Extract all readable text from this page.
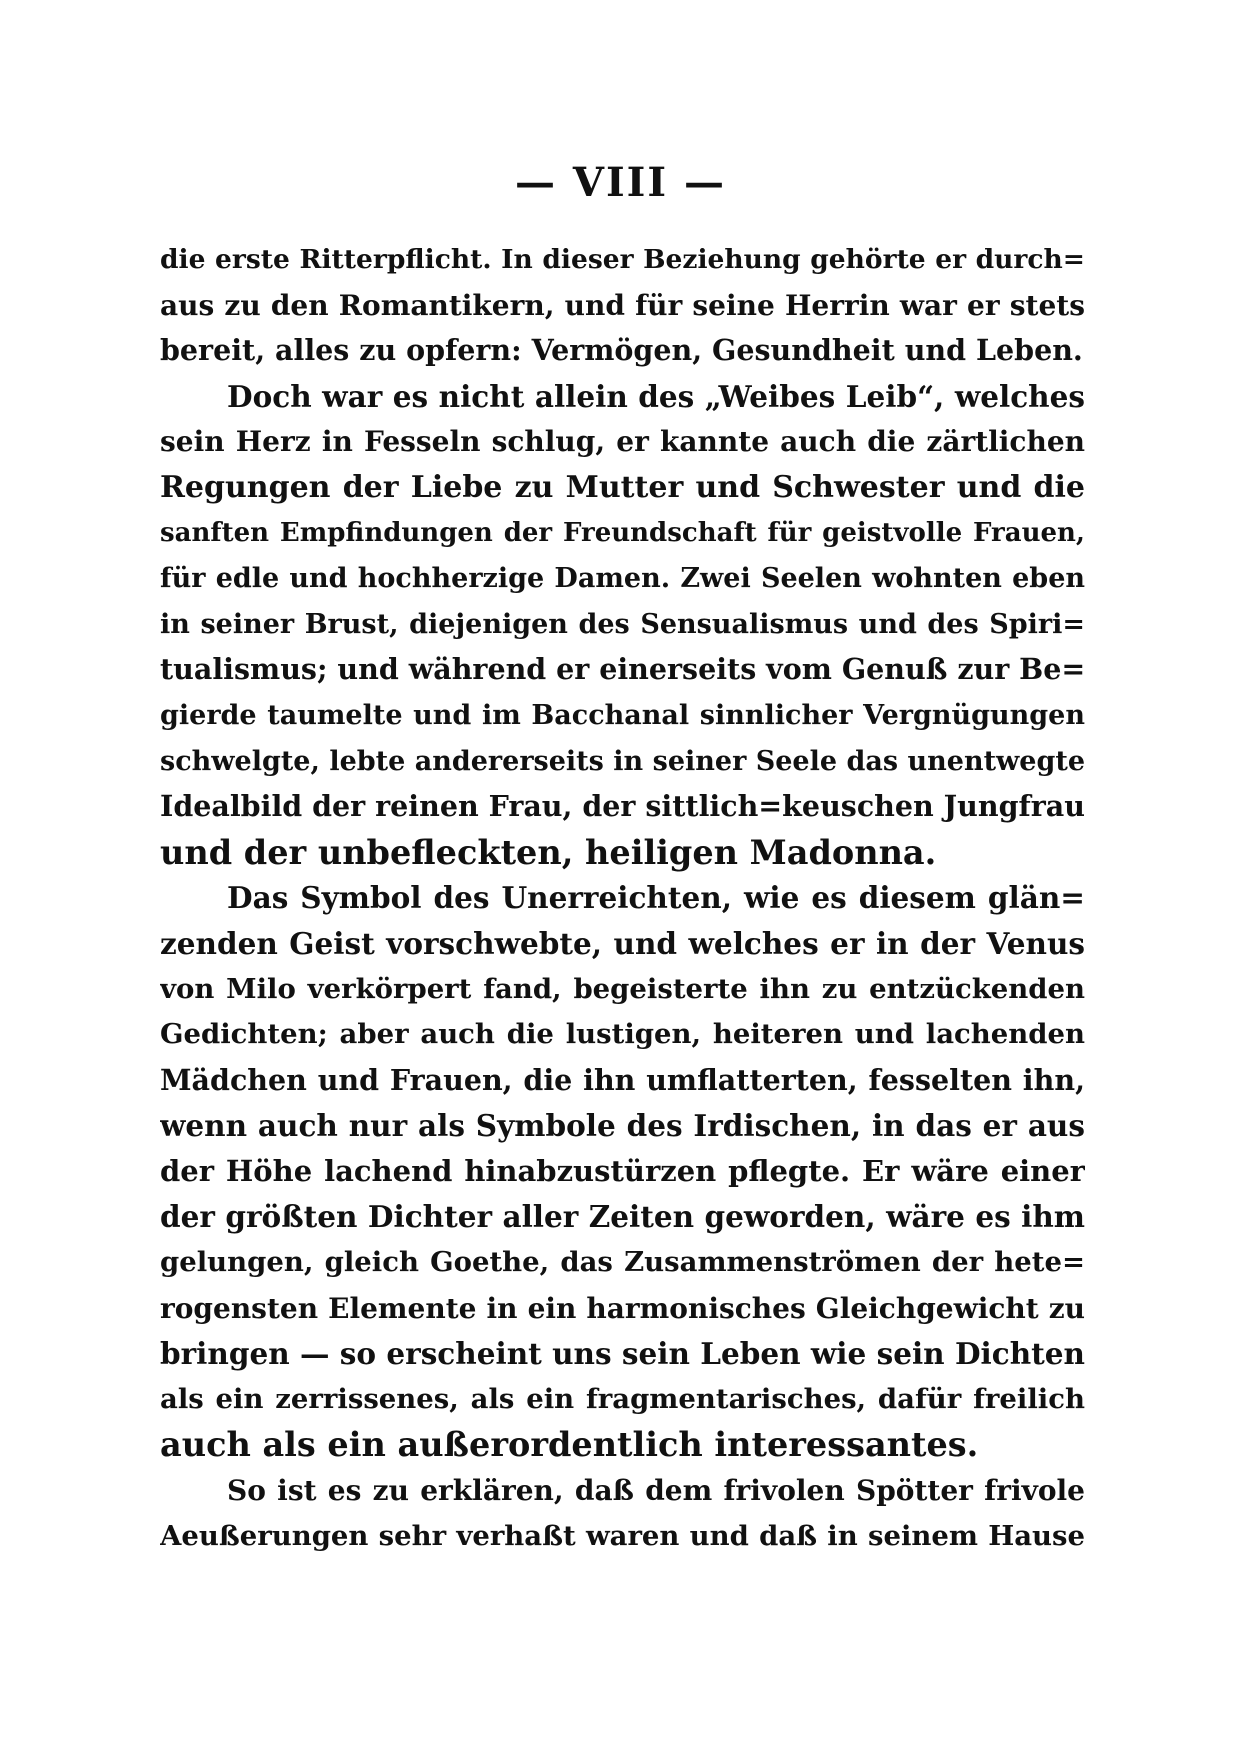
— VIII —
die erste Ritterpflicht. In dieser Beziehung gehörte er durch=
aus zu den Romantikern, und für seine Herrin war er stets
bereit, alles zu opfern: Vermögen, Gesundheit und Leben.
Doch war es nicht allein des „Weibes Leib“, welches
sein Herz in Fesseln schlug, er kannte auch die zärtlichen
Regungen der Liebe zu Mutter und Schwester und die
sanften Empfindungen der Freundschaft für geistvolle Frauen,
für edle und hochherzige Damen. Zwei Seelen wohnten eben
in seiner Brust, diejenigen des Sensualismus und des Spiri=
tualismus; und während er einerseits vom Genuß zur Be=
gierde taumelte und im Bacchanal sinnlicher Vergnügungen
schwelgte, lebte andererseits in seiner Seele das unentwegte
Idealbild der reinen Frau, der sittlich=keuschen Jungfrau
und der unbefleckten, heiligen Madonna.
Das Symbol des Unerreichten, wie es diesem glän=
zenden Geist vorschwebte, und welches er in der Venus
von Milo verkörpert fand, begeisterte ihn zu entzückenden
Gedichten; aber auch die lustigen, heiteren und lachenden
Mädchen und Frauen, die ihn umflatterten, fesselten ihn,
wenn auch nur als Symbole des Irdischen, in das er aus
der Höhe lachend hinabzustürzen pflegte. Er wäre einer
der größten Dichter aller Zeiten geworden, wäre es ihm
gelungen, gleich Goethe, das Zusammenströmen der hete=
rogensten Elemente in ein harmonisches Gleichgewicht zu
bringen — so erscheint uns sein Leben wie sein Dichten
als ein zerrissenes, als ein fragmentarisches, dafür freilich
auch als ein außerordentlich interessantes.
So ist es zu erklären, daß dem frivolen Spötter frivole
Aeußerungen sehr verhaßt waren und daß in seinem Hause
